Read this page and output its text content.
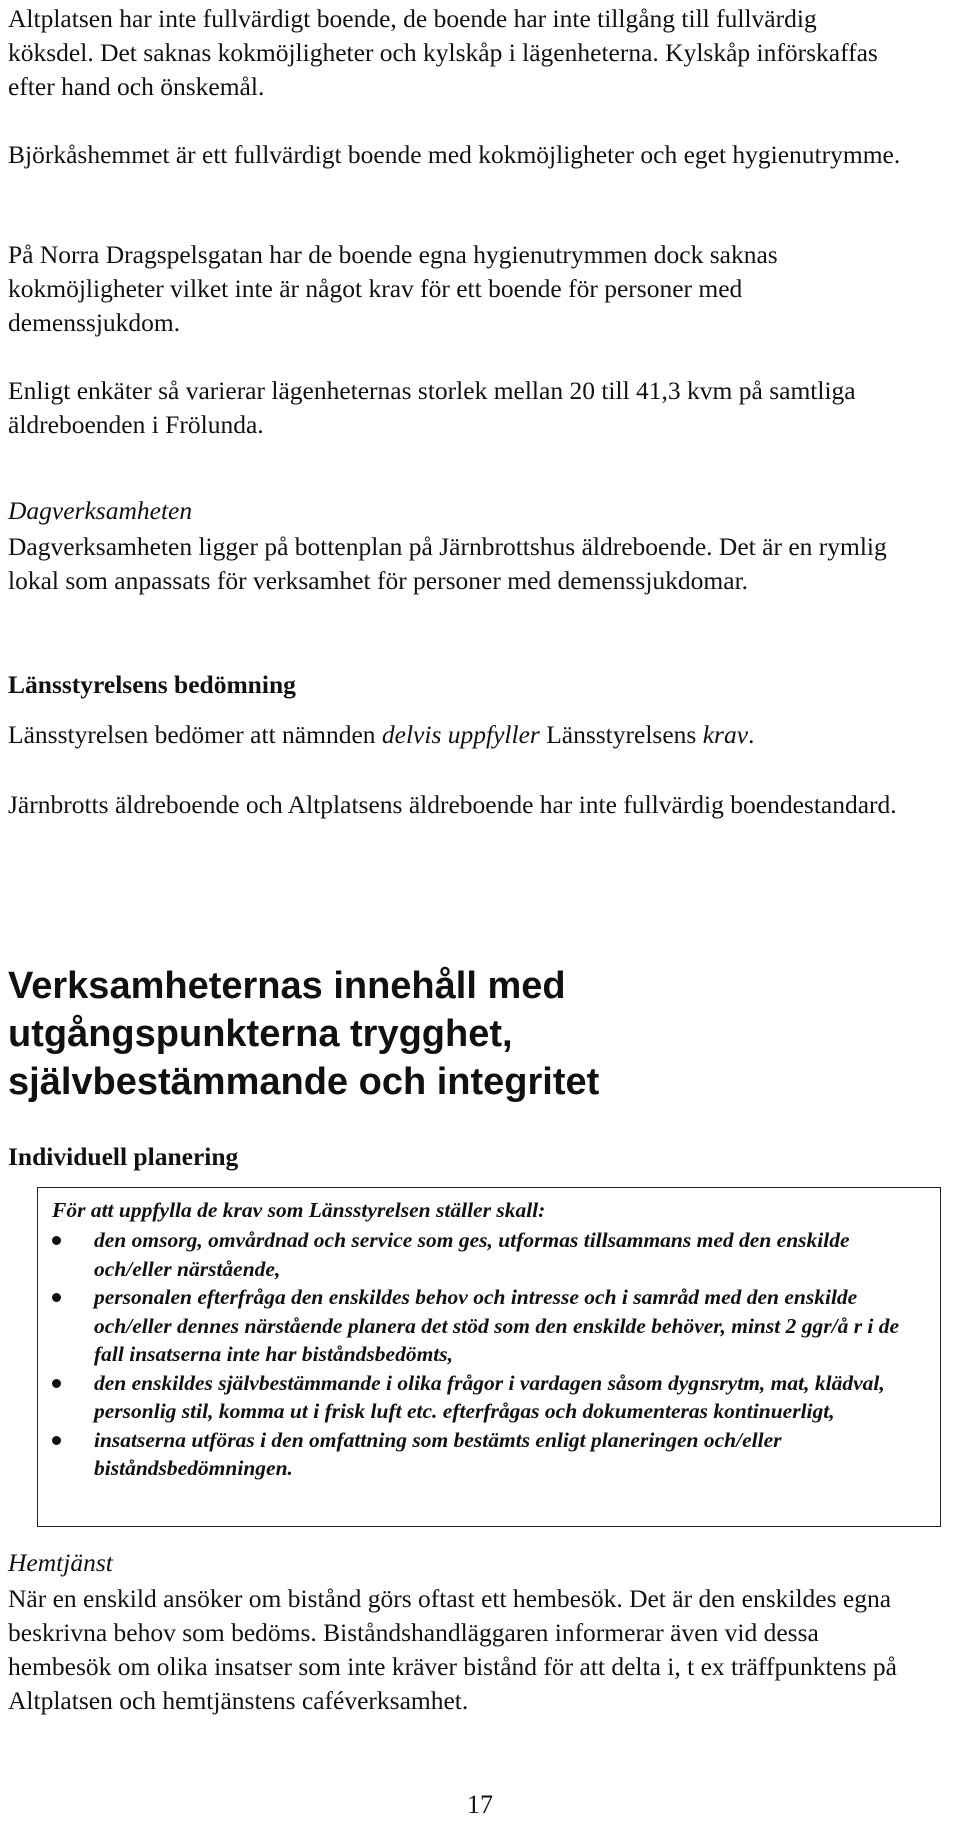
Altplatsen har inte fullvärdigt boende, de boende har inte tillgång till fullvärdig köksdel. Det saknas kokmöjligheter och kylskåp i lägenheterna. Kylskåp införskaffas efter hand och önskemål.

Björkåshemmet är ett fullvärdigt boende med kokmöjligheter och eget hygienutrymme.

På Norra Dragspelsgatan har de boende egna hygienutrymmen dock saknas kokmöjligheter vilket inte är något krav för ett boende för personer med demenssjukdom.

Enligt enkäter så varierar lägenheternas storlek mellan 20 till 41,3 kvm på samtliga äldreboenden i Frölunda.

Dagverksamheten

Dagverksamheten ligger på bottenplan på Järnbrottshus äldreboende. Det är en rymlig lokal som anpassats för verksamhet för personer med demenssjukdomar.

Länsstyrelsens bedömning

Länsstyrelsen bedömer att nämnden delvis uppfyller Länsstyrelsens krav.

Järnbrotts äldreboende och Altplatsens äldreboende har inte fullvärdig boendestandard.

Verksamheternas innehåll med utgångspunkterna trygghet, självbestämmande och integritet

Individuell planering

För att uppfylla de krav som Länsstyrelsen ställer skall:

den omsorg, omvårdnad och service som ges, utformas tillsammans med den enskilde och/eller närstående,
personalen efterfråga den enskildes behov och intresse och i samråd med den enskilde och/eller dennes närstående planera det stöd som den enskilde behöver, minst 2 ggr/å r i de fall insatserna inte har biståndsbedömts,
den enskildes självbestämmande i olika frågor i vardagen såsom dygnsrytm, mat, klädval, personlig stil, komma ut i frisk luft etc. efterfrågas och dokumenteras kontinuerligt,
insatserna utföras i den omfattning som bestämts enligt planeringen och/eller biståndsbedömningen.

Hemtjänst

När en enskild ansöker om bistånd görs oftast ett hembesök. Det är den enskildes egna beskrivna behov som bedöms. Biståndshandläggaren informerar även vid dessa hembesök om olika insatser som inte kräver bistånd för att delta i, t ex träffpunktens på Altplatsen och hemtjänstens caféverksamhet.

17
